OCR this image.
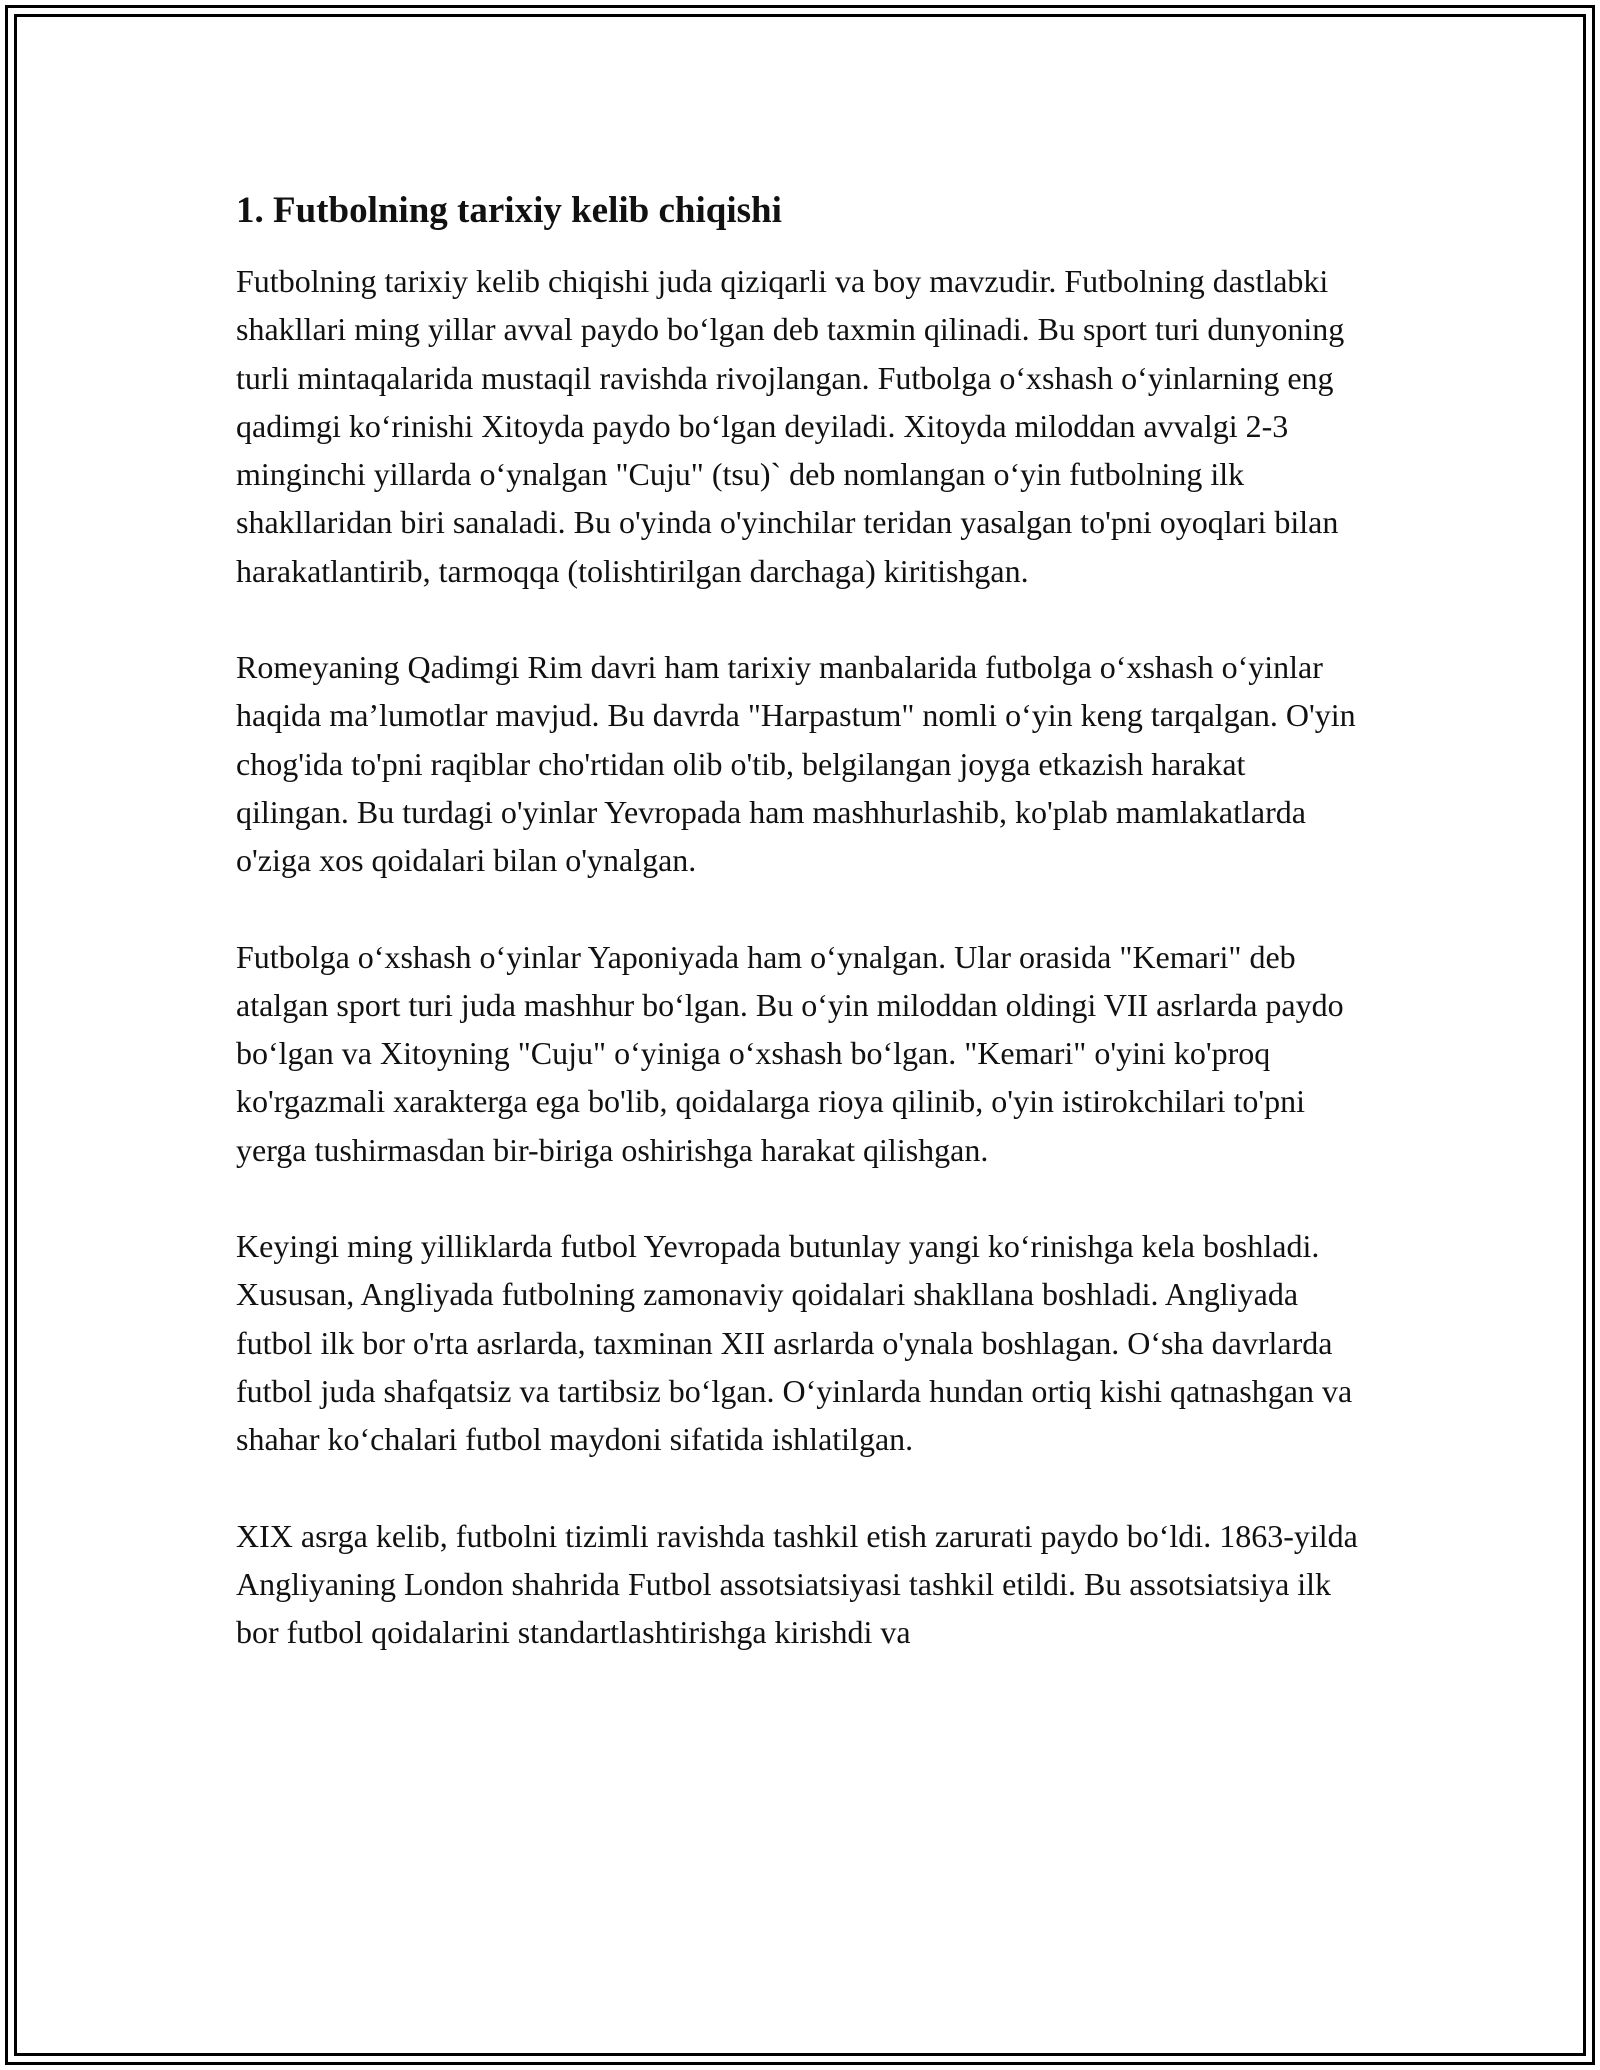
1. Futbolning tarixiy kelib chiqishi

Futbolning tarixiy kelib chiqishi juda qiziqarli va boy mavzudir. Futbolning dastlabki shakllari ming yillar avval paydo bo‘lgan deb taxmin qilinadi. Bu sport turi dunyoning turli mintaqalarida mustaqil ravishda rivojlangan. Futbolga o‘xshash o‘yinlarning eng qadimgi ko‘rinishi Xitoyda paydo bo‘lgan deyiladi. Xitoyda miloddan avvalgi 2-3 minginchi yillarda o‘ynalgan "Cuju" (tsu)` deb nomlangan o‘yin futbolning ilk shakllaridan biri sanaladi. Bu o'yinda o'yinchilar teridan yasalgan to'pni oyoqlari bilan harakatlantirib, tarmoqqa (tolishtirilgan darchaga) kiritishgan.

Romeyaning Qadimgi Rim davri ham tarixiy manbalarida futbolga o‘xshash o‘yinlar haqida ma’lumotlar mavjud. Bu davrda "Harpastum" nomli o‘yin keng tarqalgan. O'yin chog'ida to'pni raqiblar cho'rtidan olib o'tib, belgilangan joyga etkazish harakat qilingan. Bu turdagi o'yinlar Yevropada ham mashhurlashib, ko'plab mamlakatlarda o'ziga xos qoidalari bilan o'ynalgan.

Futbolga o‘xshash o‘yinlar Yaponiyada ham o‘ynalgan. Ular orasida "Kemari" deb atalgan sport turi juda mashhur bo‘lgan. Bu o‘yin miloddan oldingi VII asrlarda paydo bo‘lgan va Xitoyning "Cuju" o‘yiniga o‘xshash bo‘lgan. "Kemari" o'yini ko'proq ko'rgazmali xarakterga ega bo'lib, qoidalarga rioya qilinib, o'yin istirokchilari to'pni yerga tushirmasdan bir-biriga oshirishga harakat qilishgan.

Keyingi ming yilliklarda futbol Yevropada butunlay yangi ko‘rinishga kela boshladi. Xususan, Angliyada futbolning zamonaviy qoidalari shakllana boshladi. Angliyada futbol ilk bor o'rta asrlarda, taxminan XII asrlarda o'ynala boshlagan. O‘sha davrlarda futbol juda shafqatsiz va tartibsiz bo‘lgan. O‘yinlarda hundan ortiq kishi qatnashgan va shahar ko‘chalari futbol maydoni sifatida ishlatilgan.

XIX asrga kelib, futbolni tizimli ravishda tashkil etish zarurati paydo bo‘ldi. 1863-yilda Angliyaning London shahrida Futbol assotsiatsiyasi tashkil etildi. Bu assotsiatsiya ilk bor futbol qoidalarini standartlashtirishga kirishdi va
